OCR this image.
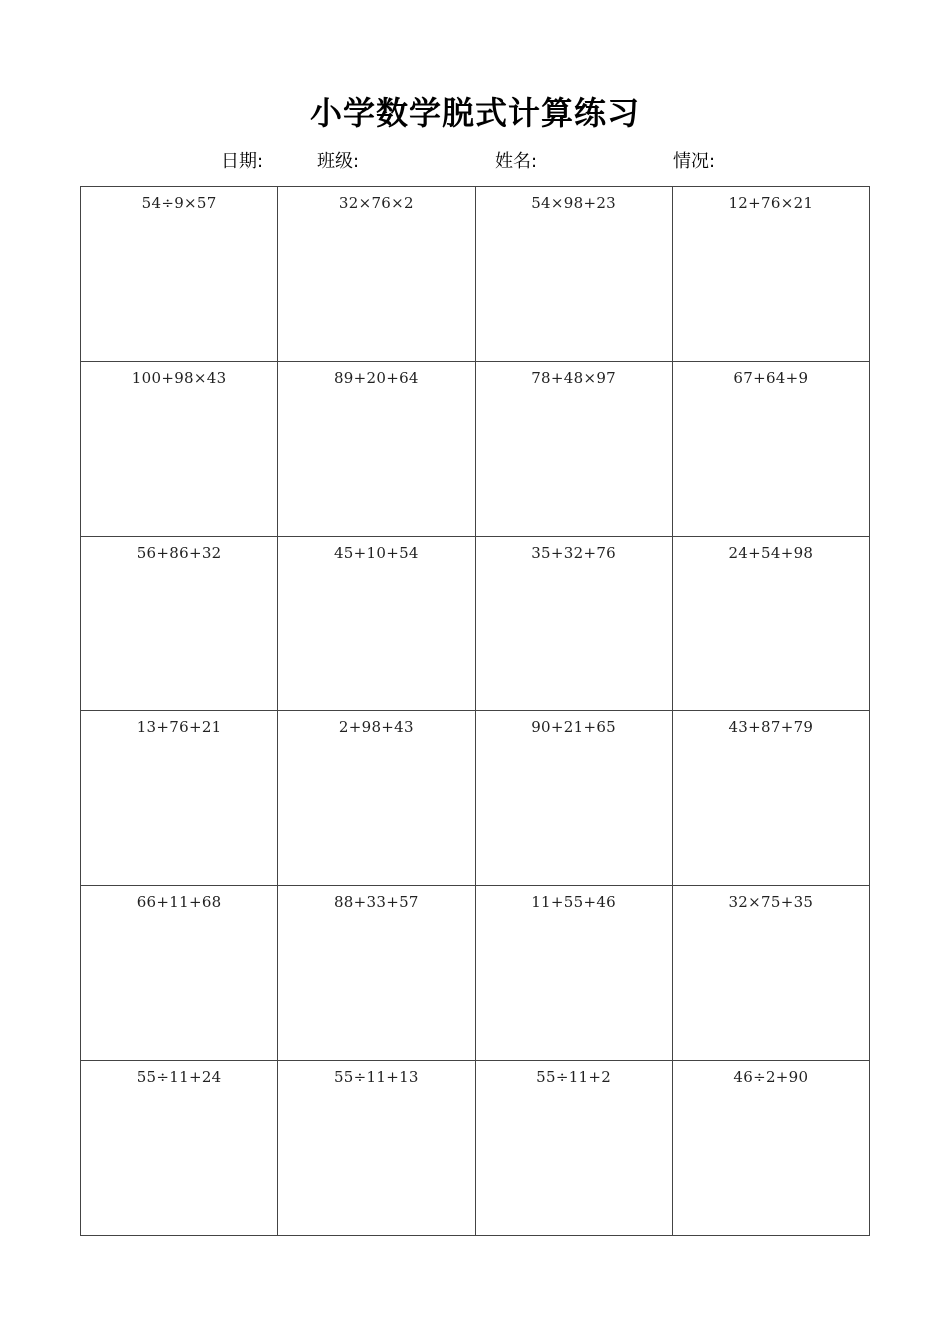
小学数学脱式计算练习
日期:	班级:	姓名:	情况:
54÷9×57	32×76×2	54×98+23	12+76×21
100+98×43	89+20+64	78+48×97	67+64+9
56+86+32	45+10+54	35+32+76	24+54+98
13+76+21	2+98+43	90+21+65	43+87+79
66+11+68	88+33+57	11+55+46	32×75+35
55÷11+24	55÷11+13	55÷11+2	46÷2+90
